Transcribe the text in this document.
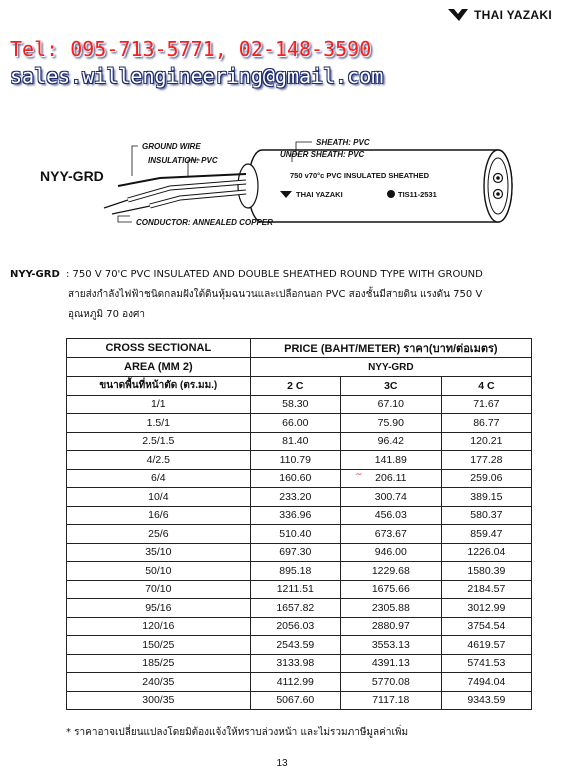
THAI YAZAKI
Tel: 095-713-5771, 02-148-3590
sales.willengineering@gmail.com
NYY-GRD	750 v70°c PVC INSULATED SHEATHED
THAI YAZAKI	TIS11-2531
GROUND WIRE
INSULATION: PVC
SHEATH: PVC
UNDER SHEATH: PVC
CONDUCTOR: ANNEALED COPPER
NYY-GRD : 750 V 70'C PVC INSULATED AND DOUBLE SHEATHED ROUND TYPE WITH GROUND
สายส่งกำลังไฟฟ้าชนิดกลมฝังใต้ดินหุ้มฉนวนและเปลือกนอก PVC สองชั้นมีสายดิน แรงดัน 750 V
อุณหภูมิ 70 องศา
CROSS SECTIONAL	PRICE (BAHT/METER) ราคา(บาท/ต่อเมตร)		
AREA (MM 2)	NYY-GRD		
ขนาดพื้นที่หน้าตัด (ตร.มม.)	2 C	3C	4 C
1/1	58.30	67.10	71.67
1.5/1	66.00	75.90	86.77
2.5/1.5	81.40	96.42	120.21
4/2.5	110.79	141.89	177.28
6/4	160.60	206.11	259.06
10/4	233.20	300.74	389.15
16/6	336.96	456.03	580.37
25/6	510.40	673.67	859.47
35/10	697.30	946.00	1226.04
50/10	895.18	1229.68	1580.39
70/10	1211.51	1675.66	2184.57
95/16	1657.82	2305.88	3012.99
120/16	2056.03	2880.97	3754.54
150/25	2543.59	3553.13	4619.57
185/25	3133.98	4391.13	5741.53
240/35	4112.99	5770.08	7494.04
300/35	5067.60	7117.18	9343.59
~
* ราคาอาจเปลี่ยนแปลงโดยมิต้องแจ้งให้ทราบล่วงหน้า และไม่รวมภาษีมูลค่าเพิ่ม
13
